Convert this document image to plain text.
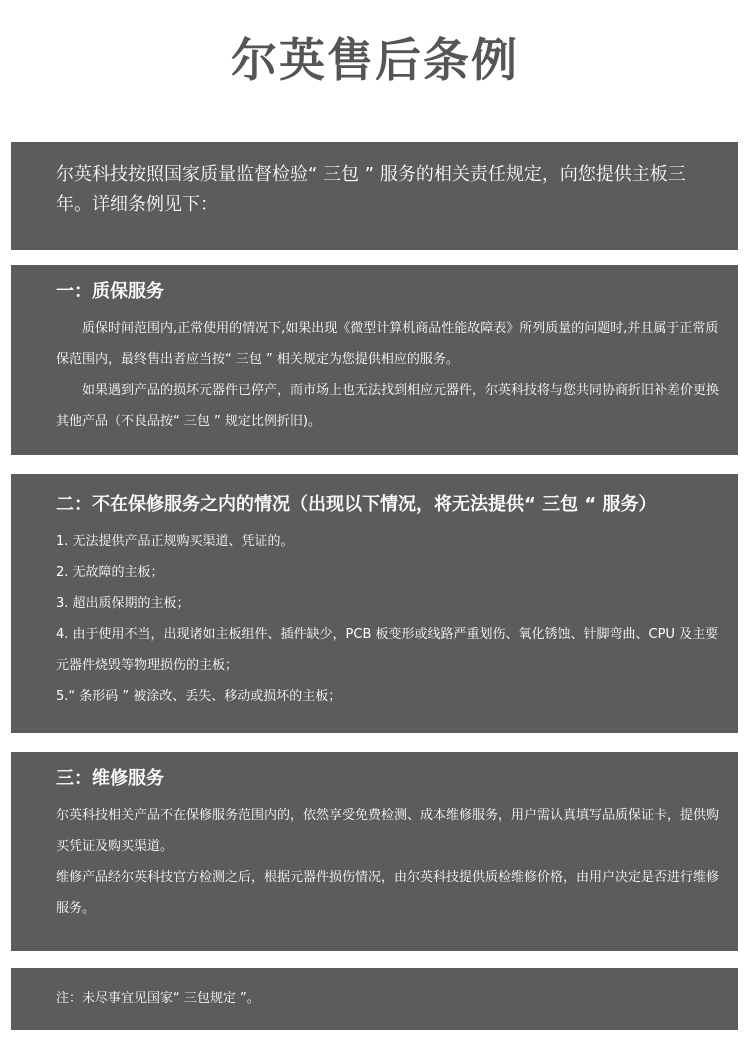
尔英售后条例

尔英科技按照国家质量监督检验“ 三包 ” 服务的相关责任规定，向您提供主板三年。详细条例见下：

一：质保服务

质保时间范围内,正常使用的情况下,如果出现《微型计算机商品性能故障表》所列质量的问题时,并且属于正常质保范围内，最终售出者应当按“ 三包 ” 相关规定为您提供相应的服务。

如果遇到产品的损坏元器件已停产，而市场上也无法找到相应元器件，尔英科技将与您共同协商折旧补差价更换其他产品（不良品按“ 三包 ” 规定比例折旧)。

二：不在保修服务之内的情况（出现以下情况，将无法提供“ 三包 “ 服务）

1. 无法提供产品正规购买渠道、凭证的。

2. 无故障的主板；

3. 超出质保期的主板；

4. 由于使用不当，出现诸如主板组件、插件缺少，PCB 板变形或线路严重划伤、氧化锈蚀、针脚弯曲、CPU 及主要元器件烧毁等物理损伤的主板；

5.“ 条形码 ” 被涂改、丢失、移动或损坏的主板；

三：维修服务

尔英科技相关产品不在保修服务范围内的，依然享受免费检测、成本维修服务，用户需认真填写品质保证卡，提供购买凭证及购买渠道。

维修产品经尔英科技官方检测之后，根据元器件损伤情况，由尔英科技提供质检维修价格，由用户决定是否进行维修服务。

注：未尽事宜见国家“ 三包规定 ”。
